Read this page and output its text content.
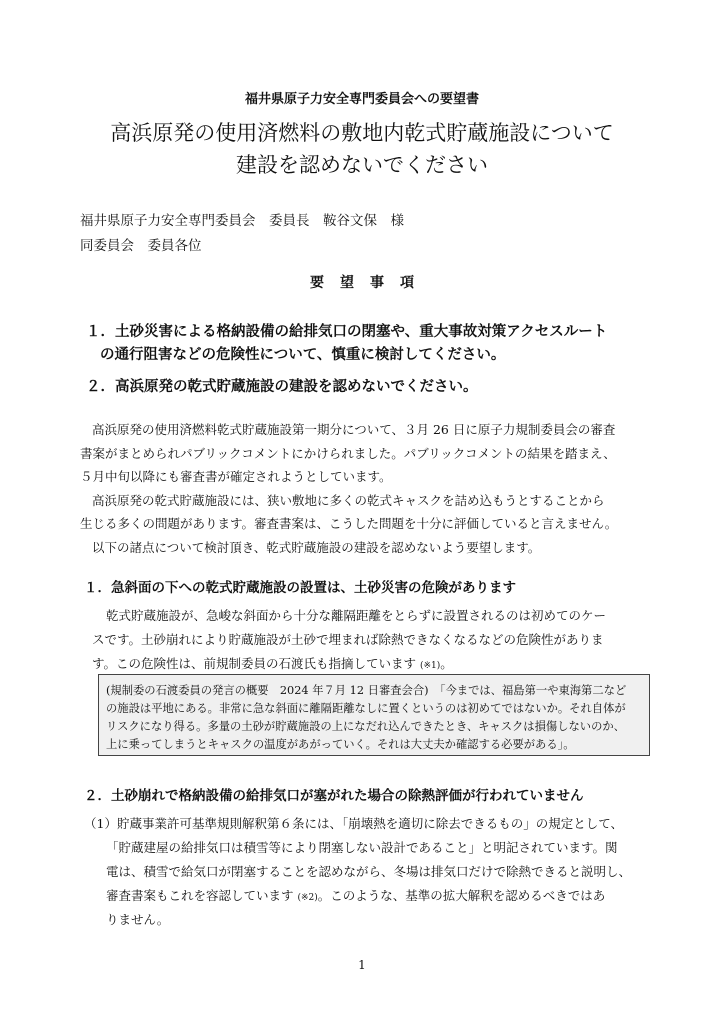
福井県原子力安全専門委員会への要望書
高浜原発の使用済燃料の敷地内乾式貯蔵施設について
建設を認めないでください
福井県原子力安全専門委員会　委員長　鞍谷文保　様
同委員会　委員各位
要望事項
１．土砂災害による格納設備の給排気口の閉塞や、重大事故対策アクセスルート
の通行阻害などの危険性について、慎重に検討してください。
２．高浜原発の乾式貯蔵施設の建設を認めないでください。
高浜原発の使用済燃料乾式貯蔵施設第一期分について、３月 26 日に原子力規制委員会の審査
書案がまとめられパブリックコメントにかけられました。パブリックコメントの結果を踏まえ、
５月中旬以降にも審査書が確定されようとしています。
高浜原発の乾式貯蔵施設には、狭い敷地に多くの乾式キャスクを詰め込もうとすることから
生じる多くの問題があります。審査書案は、こうした問題を十分に評価していると言えません。
以下の諸点について検討頂き、乾式貯蔵施設の建設を認めないよう要望します。
１．急斜面の下への乾式貯蔵施設の設置は、土砂災害の危険があります
乾式貯蔵施設が、急峻な斜面から十分な離隔距離をとらずに設置されるのは初めてのケー
スです。土砂崩れにより貯蔵施設が土砂で埋まれば除熱できなくなるなどの危険性がありま
す。この危険性は、前規制委員の石渡氏も指摘しています (※1)。
(規制委の石渡委員の発言の概要　2024 年７月 12 日審査会合)　「今までは、福島第一や東海第二など
の施設は平地にある。非常に急な斜面に離隔距離なしに置くというのは初めてではないか。それ自体が
リスクになり得る。多量の土砂が貯蔵施設の上になだれ込んできたとき、キャスクは損傷しないのか、
上に乗ってしまうとキャスクの温度があがっていく。それは大丈夫か確認する必要がある」。
２．土砂崩れで格納設備の給排気口が塞がれた場合の除熱評価が行われていません
（1）貯蔵事業許可基準規則解釈第６条には、「崩壊熱を適切に除去できるもの」の規定として、
「貯蔵建屋の給排気口は積雪等により閉塞しない設計であること」と明記されています。関
電は、積雪で給気口が閉塞することを認めながら、冬場は排気口だけで除熱できると説明し、
審査書案もこれを容認しています (※2)。このような、基準の拡大解釈を認めるべきではあ
りません。
1
